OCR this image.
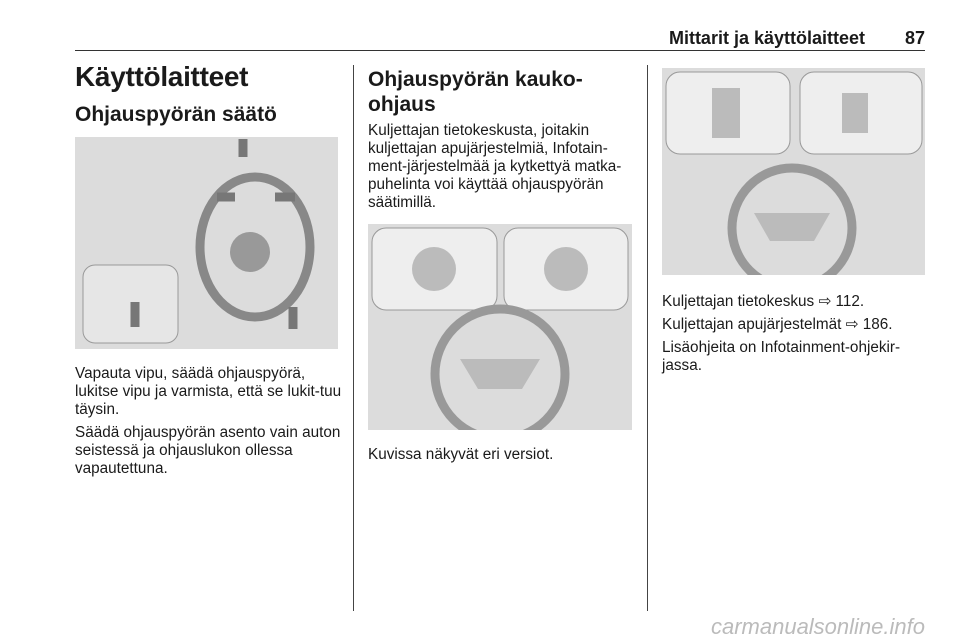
Mittarit ja käyttölaitteet 87
Käyttölaitteet
Ohjauspyörän säätö

Vapauta vipu, säädä ohjauspyörä, lukitse vipu ja varmista, että se lukit-tuu täysin.

Säädä ohjauspyörän asento vain auton seistessä ja ohjauslukon ollessa vapautettuna.

Ohjauspyörän kauko-ohjaus

Kuljettajan tietokeskusta, joitakin kuljettajan apujärjestelmiä, Infotain-ment-järjestelmää ja kytkettyä matka-puhelinta voi käyttää ohjauspyörän säätimillä.

Kuvissa näkyvät eri versiot.

Kuljettajan tietokeskus ⇨ 112.

Kuljettajan apujärjestelmät ⇨ 186.

Lisäohjeita on Infotainment-ohjekir-jassa.

carmanualsonline.info
